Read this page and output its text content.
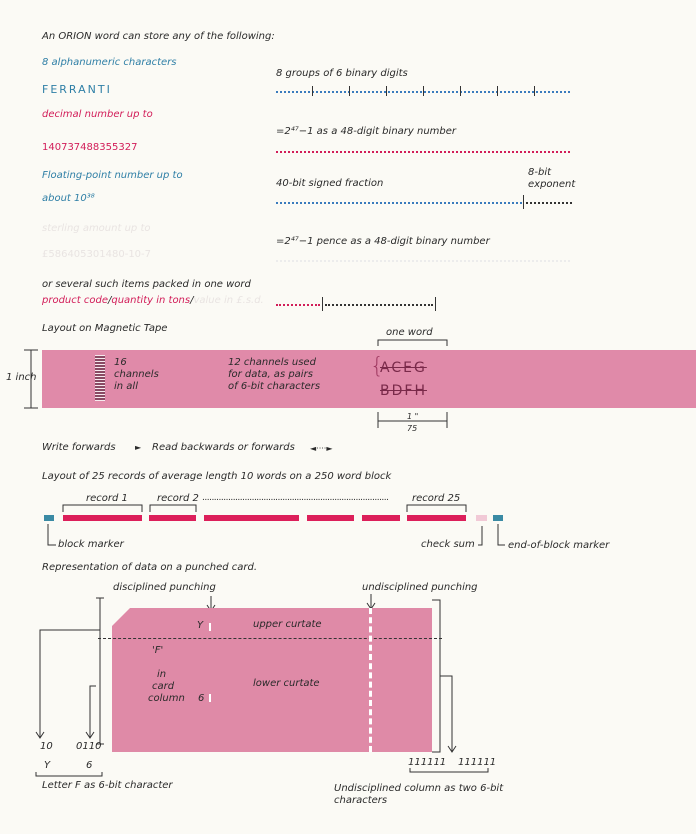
An ORION word can store any of the following:
8 alphanumeric characters
FERRANTI
8 groups of 6 binary digits
decimal number up to
140737488355327
=2⁴⁷−1 as a 48-digit binary number
Floating-point number up to
about 10³⁸
40-bit signed fraction
8-bit
exponent
sterling amount up to
£586405301480-10-7
=2⁴⁷−1 pence as a 48-digit binary number
or several such items packed in one word
product code/quantity in tons/value in £.s.d.
Layout on Magnetic Tape	one word
1 inch
16
channels
in all
12 channels used
for data, as pairs
of 6-bit characters
{
ACEG
BDFH
1 "
75
Write forwards ► Read backwards or forwards ◄····►
Layout of 25 records of average length 10 words on a 250 word block
record 1	record 2 ............................................................................... record 25
block marker	check sum	end-of-block marker
Representation of data on a punched card.
disciplined punching	undisciplined punching
Y	upper curtate
'F'
in
card
column 6
lower curtate
10 0110
Y	6
Letter F as 6-bit character
111111 111111
Undisciplined column as two 6-bit
characters
